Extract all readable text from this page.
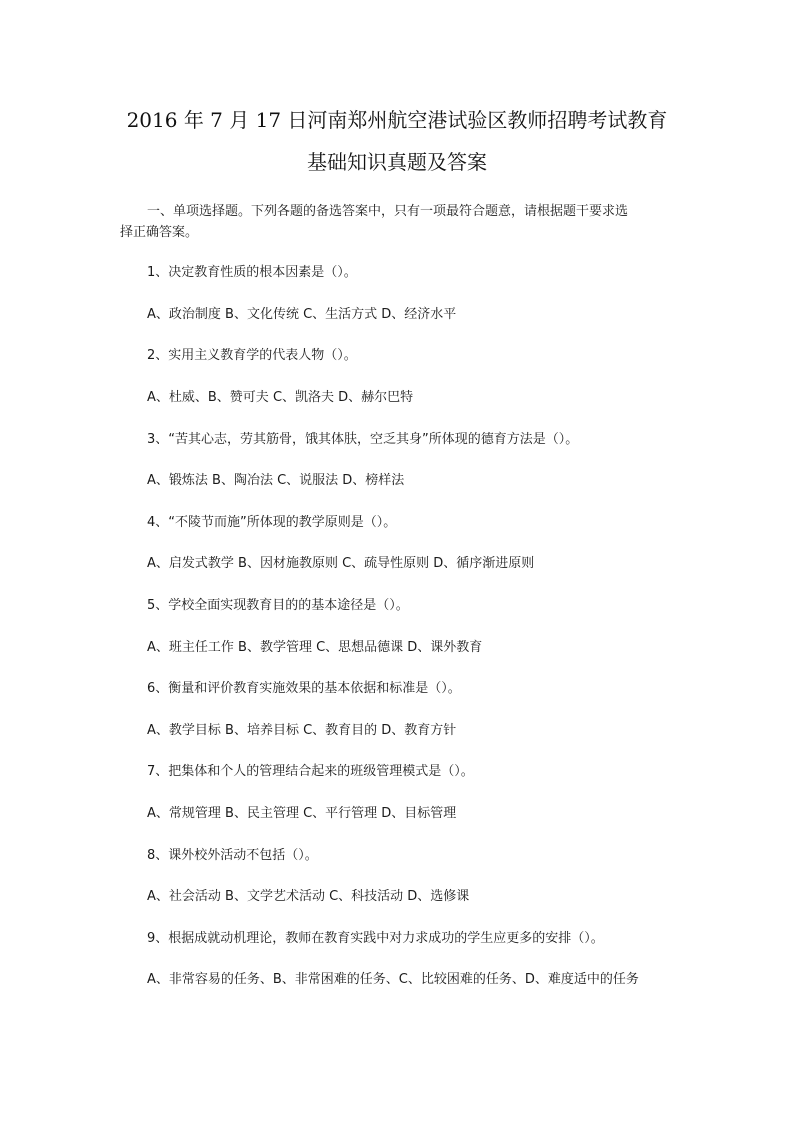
2016 年 7 月 17 日河南郑州航空港试验区教师招聘考试教育
基础知识真题及答案
一、单项选择题。下列各题的备选答案中，只有一项最符合题意，请根据题干要求选
择正确答案。
1、决定教育性质的根本因素是（）。
A、政治制度 B、文化传统 C、生活方式 D、经济水平
2、实用主义教育学的代表人物（）。
A、杜威、B、赞可夫 C、凯洛夫 D、赫尔巴特
3、“苦其心志，劳其筋骨，饿其体肤，空乏其身”所体现的德育方法是（）。
A、锻炼法 B、陶冶法 C、说服法 D、榜样法
4、“不陵节而施”所体现的教学原则是（）。
A、启发式教学 B、因材施教原则 C、疏导性原则 D、循序渐进原则
5、学校全面实现教育目的的基本途径是（）。
A、班主任工作 B、教学管理 C、思想品德课 D、课外教育
6、衡量和评价教育实施效果的基本依据和标准是（）。
A、教学目标 B、培养目标 C、教育目的 D、教育方针
7、把集体和个人的管理结合起来的班级管理模式是（）。
A、常规管理 B、民主管理 C、平行管理 D、目标管理
8、课外校外活动不包括（）。
A、社会活动 B、文学艺术活动 C、科技活动 D、选修课
9、根据成就动机理论，教师在教育实践中对力求成功的学生应更多的安排（）。
A、非常容易的任务、B、非常困难的任务、C、比较困难的任务、D、难度适中的任务
